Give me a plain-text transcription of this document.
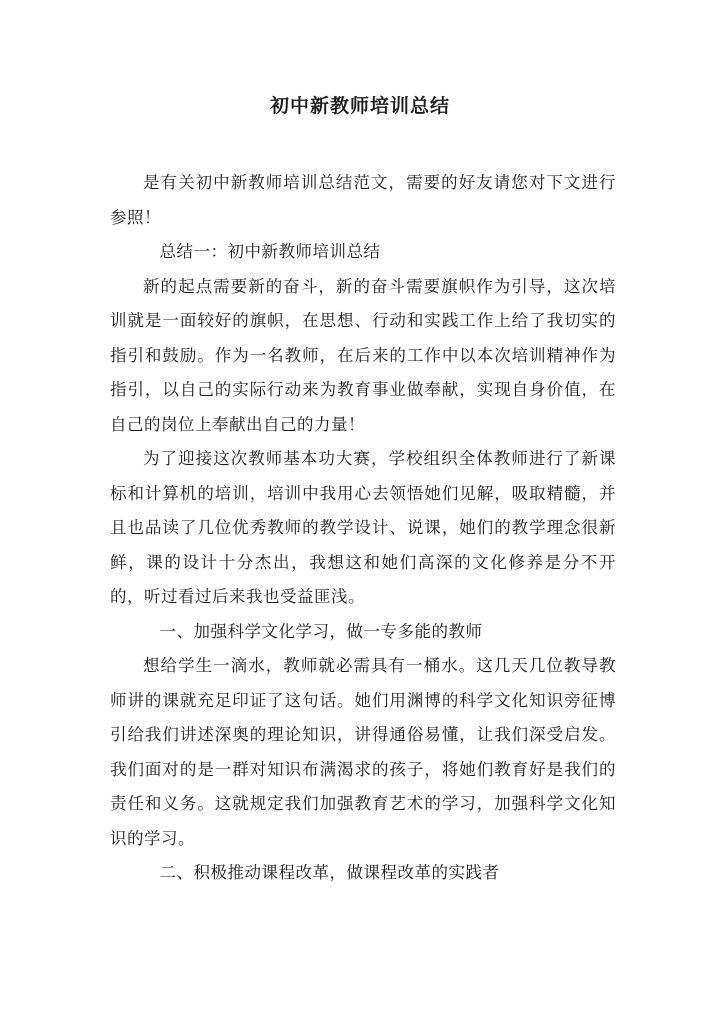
初中新教师培训总结

是有关初中新教师培训总结范文，需要的好友请您对下文进行参照！

总结一：初中新教师培训总结

新的起点需要新的奋斗，新的奋斗需要旗帜作为引导，这次培训就是一面较好的旗帜，在思想、行动和实践工作上给了我切实的指引和鼓励。作为一名教师，在后来的工作中以本次培训精神作为指引，以自己的实际行动来为教育事业做奉献，实现自身价值，在自己的岗位上奉献出自己的力量！

为了迎接这次教师基本功大赛，学校组织全体教师进行了新课标和计算机的培训，培训中我用心去领悟她们见解，吸取精髓，并且也品读了几位优秀教师的教学设计、说课，她们的教学理念很新鲜，课的设计十分杰出，我想这和她们高深的文化修养是分不开的，听过看过后来我也受益匪浅。

一、加强科学文化学习，做一专多能的教师

想给学生一滴水，教师就必需具有一桶水。这几天几位教导教师讲的课就充足印证了这句话。她们用渊博的科学文化知识旁征博引给我们讲述深奥的理论知识，讲得通俗易懂，让我们深受启发。我们面对的是一群对知识布满渴求的孩子，将她们教育好是我们的责任和义务。这就规定我们加强教育艺术的学习，加强科学文化知识的学习。

二、积极推动课程改革，做课程改革的实践者
